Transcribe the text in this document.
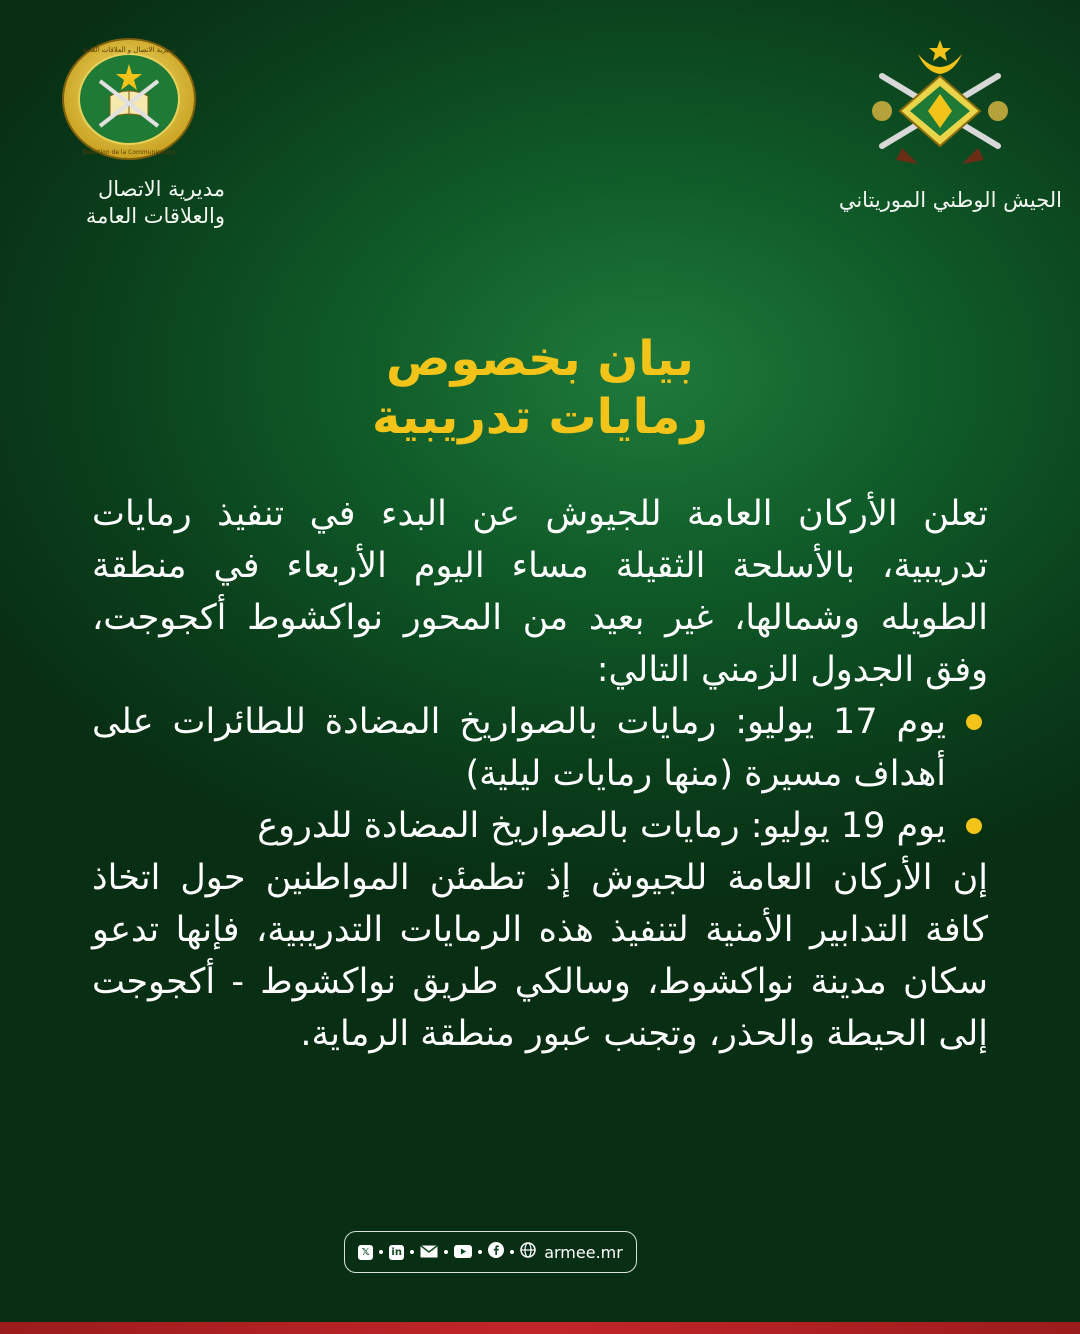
مديرية الاتصال و العلاقات العامة
Direction de la Communication
مديرية الاتصال
والعلاقات العامة
الجيش الوطني الموريتاني
بيان بخصوص
رمايات تدريبية

تعلن الأركان العامة للجيوش عن البدء في تنفيذ رمايات تدريبية، بالأسلحة الثقيلة مساء اليوم الأربعاء في منطقة الطويله وشمالها، غير بعيد من المحور نواكشوط أكجوجت، وفق الجدول الزمني التالي:

يوم 17 يوليو: رمايات بالصواريخ المضادة للطائرات على أهداف مسيرة (منها رمايات ليلية)
يوم 19 يوليو: رمايات بالصواريخ المضادة للدروع

إن الأركان العامة للجيوش إذ تطمئن المواطنين حول اتخاذ كافة التدابير الأمنية لتنفيذ هذه الرمايات التدريبية، فإنها تدعو سكان مدينة نواكشوط، وسالكي طريق نواكشوط - أكجوجت إلى الحيطة والحذر، وتجنب عبور منطقة الرماية.

𝕏	in	armee.mr
